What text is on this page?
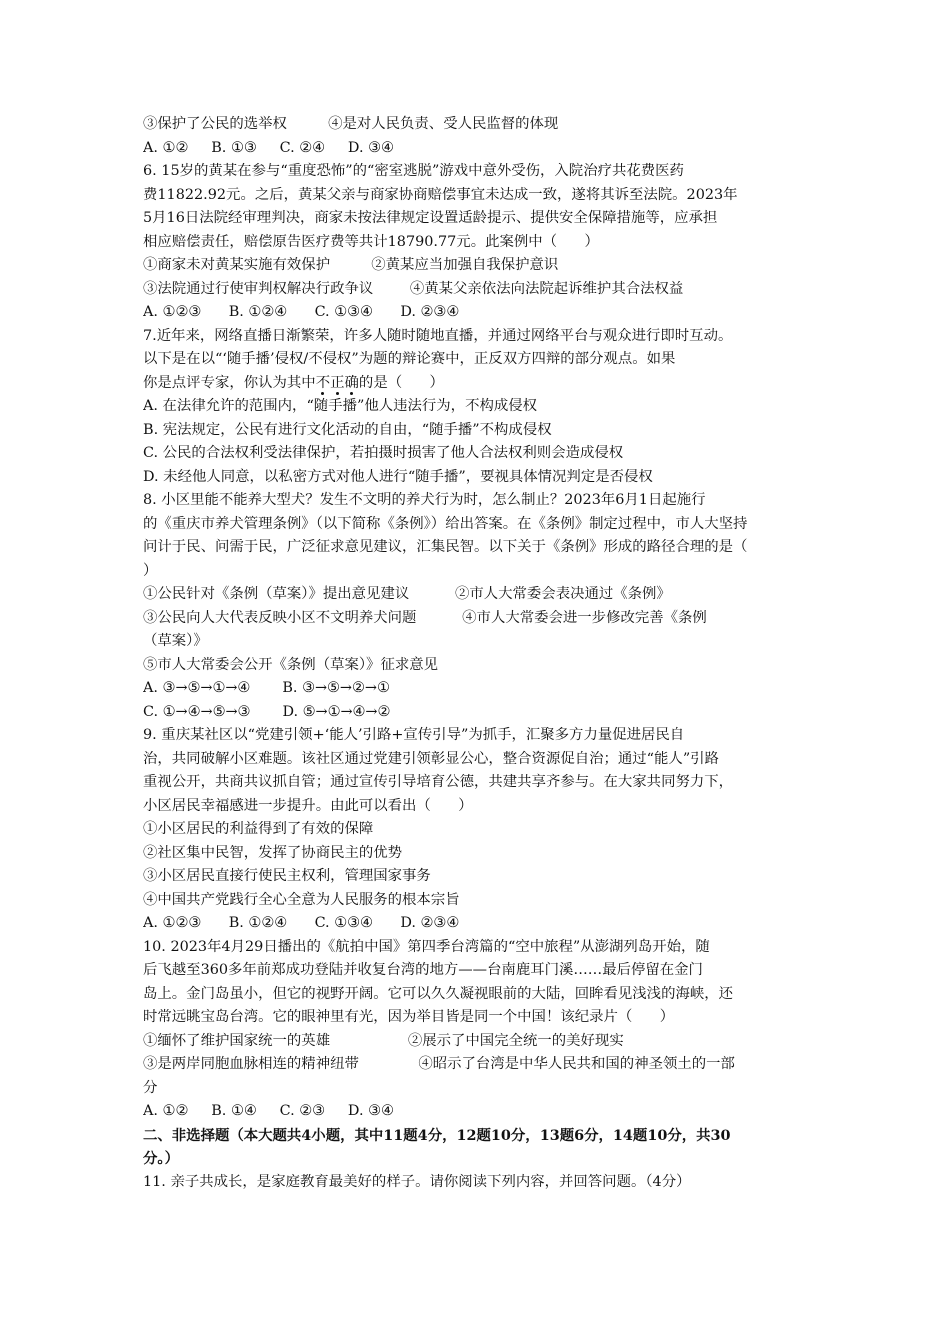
③保护了公民的选举权         ④是对人民负责、受人民监督的体现
A. ①②     B. ①③     C. ②④     D. ③④
6. 15岁的黄某在参与“重度恐怖”的“密室逃脱”游戏中意外受伤，入院治疗共花费医药
费11822.92元。之后，黄某父亲与商家协商赔偿事宜未达成一致，遂将其诉至法院。2023年
5月16日法院经审理判决，商家未按法律规定设置适龄提示、提供安全保障措施等，应承担
相应赔偿责任，赔偿原告医疗费等共计18790.77元。此案例中（      ）
①商家未对黄某实施有效保护         ②黄某应当加强自我保护意识
③法院通过行使审判权解决行政争议        ④黄某父亲依法向法院起诉维护其合法权益
A. ①②③      B. ①②④      C. ①③④      D. ②③④
7.近年来，网络直播日渐繁荣，许多人随时随地直播，并通过网络平台与观众进行即时互动。
以下是在以“‘随手播’侵权/不侵权”为题的辩论赛中，正反双方四辩的部分观点。如果
你是点评专家，你认为其中不正确的是（      ）
A. 在法律允许的范围内，“随手播”他人违法行为，不构成侵权
B. 宪法规定，公民有进行文化活动的自由，“随手播”不构成侵权
C. 公民的合法权利受法律保护，若拍摄时损害了他人合法权利则会造成侵权
D. 未经他人同意，以私密方式对他人进行“随手播”，要视具体情况判定是否侵权
8. 小区里能不能养大型犬？发生不文明的养犬行为时，怎么制止？2023年6月1日起施行
的《重庆市养犬管理条例》（以下简称《条例》）给出答案。在《条例》制定过程中，市人大坚持
问计于民、问需于民，广泛征求意见建议，汇集民智。以下关于《条例》形成的路径合理的是（
）
①公民针对《条例（草案）》提出意见建议          ②市人大常委会表决通过《条例》
③公民向人大代表反映小区不文明养犬问题          ④市人大常委会进一步修改完善《条例
（草案）》
⑤市人大常委会公开《条例（草案）》征求意见
A. ③→⑤→①→④       B. ③→⑤→②→①
C. ①→④→⑤→③       D. ⑤→①→④→②
9. 重庆某社区以“党建引领+‘能人’引路+宣传引导”为抓手，汇聚多方力量促进居民自
治，共同破解小区难题。该社区通过党建引领彰显公心，整合资源促自治；通过“能人”引路
重视公开，共商共议抓自管；通过宣传引导培育公德，共建共享齐参与。在大家共同努力下，
小区居民幸福感进一步提升。由此可以看出（      ）
①小区居民的利益得到了有效的保障
②社区集中民智，发挥了协商民主的优势
③小区居民直接行使民主权利，管理国家事务
④中国共产党践行全心全意为人民服务的根本宗旨
A. ①②③      B. ①②④      C. ①③④      D. ②③④
10. 2023年4月29日播出的《航拍中国》第四季台湾篇的“空中旅程”从澎湖列岛开始，随
后飞越至360多年前郑成功登陆并收复台湾的地方——台南鹿耳门溪……最后停留在金门
岛上。金门岛虽小，但它的视野开阔。它可以久久凝视眼前的大陆，回眸看见浅浅的海峡，还
时常远眺宝岛台湾。它的眼神里有光，因为举目皆是同一个中国！该纪录片（      ）
①缅怀了维护国家统一的英雄                 ②展示了中国完全统一的美好现实
③是两岸同胞血脉相连的精神纽带             ④昭示了台湾是中华人民共和国的神圣领土的一部
分
A. ①②     B. ①④     C. ②③     D. ③④
二、非选择题（本大题共4小题，其中11题4分，12题10分，13题6分，14题10分，共30
分。）
11. 亲子共成长，是家庭教育最美好的样子。请你阅读下列内容，并回答问题。（4分）
